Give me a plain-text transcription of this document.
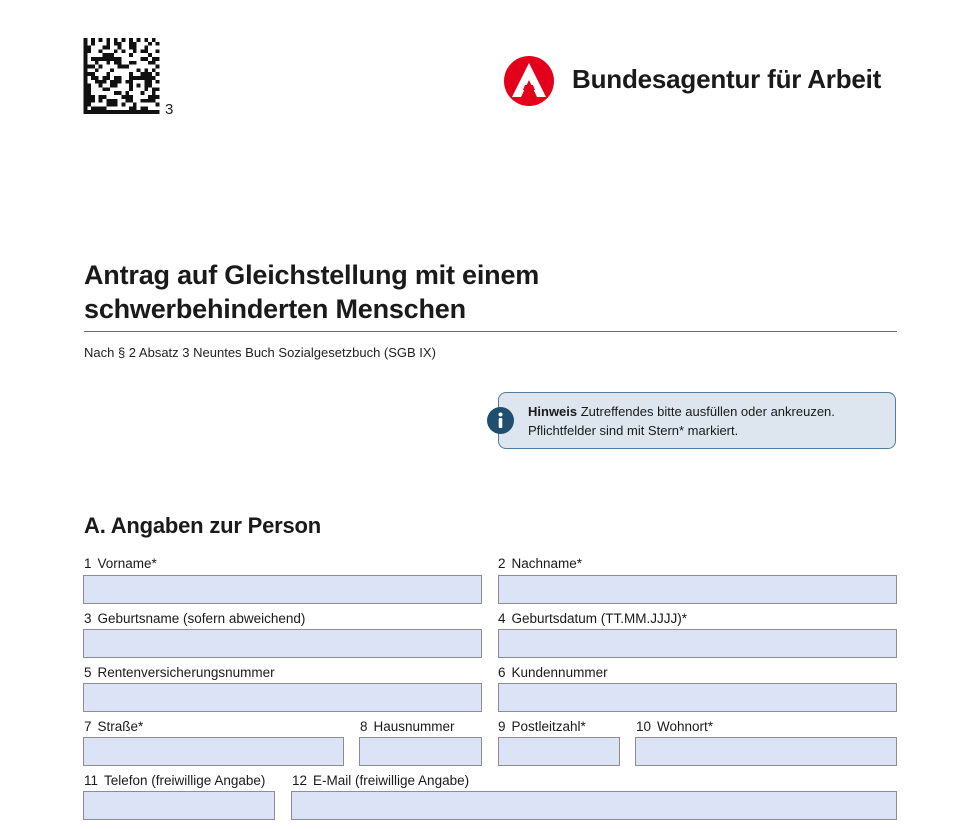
3
Bundesagentur für Arbeit
Antrag auf Gleichstellung mit einem
schwerbehinderten Menschen
Nach § 2 Absatz 3 Neuntes Buch Sozialgesetzbuch (SGB IX)
Hinweis Zutreffendes bitte ausfüllen oder ankreuzen.
Pflichtfelder sind mit Stern* markiert.
A. Angaben zur Person
1 Vorname*	2 Nachname*
3 Geburtsname (sofern abweichend)	4 Geburtsdatum (TT.MM.JJJJ)*
5 Rentenversicherungsnummer	6 Kundennummer
7 Straße*	8 Hausnummer	9 Postleitzahl*	10 Wohnort*
11 Telefon (freiwillige Angabe) 12 E-Mail (freiwillige Angabe)
